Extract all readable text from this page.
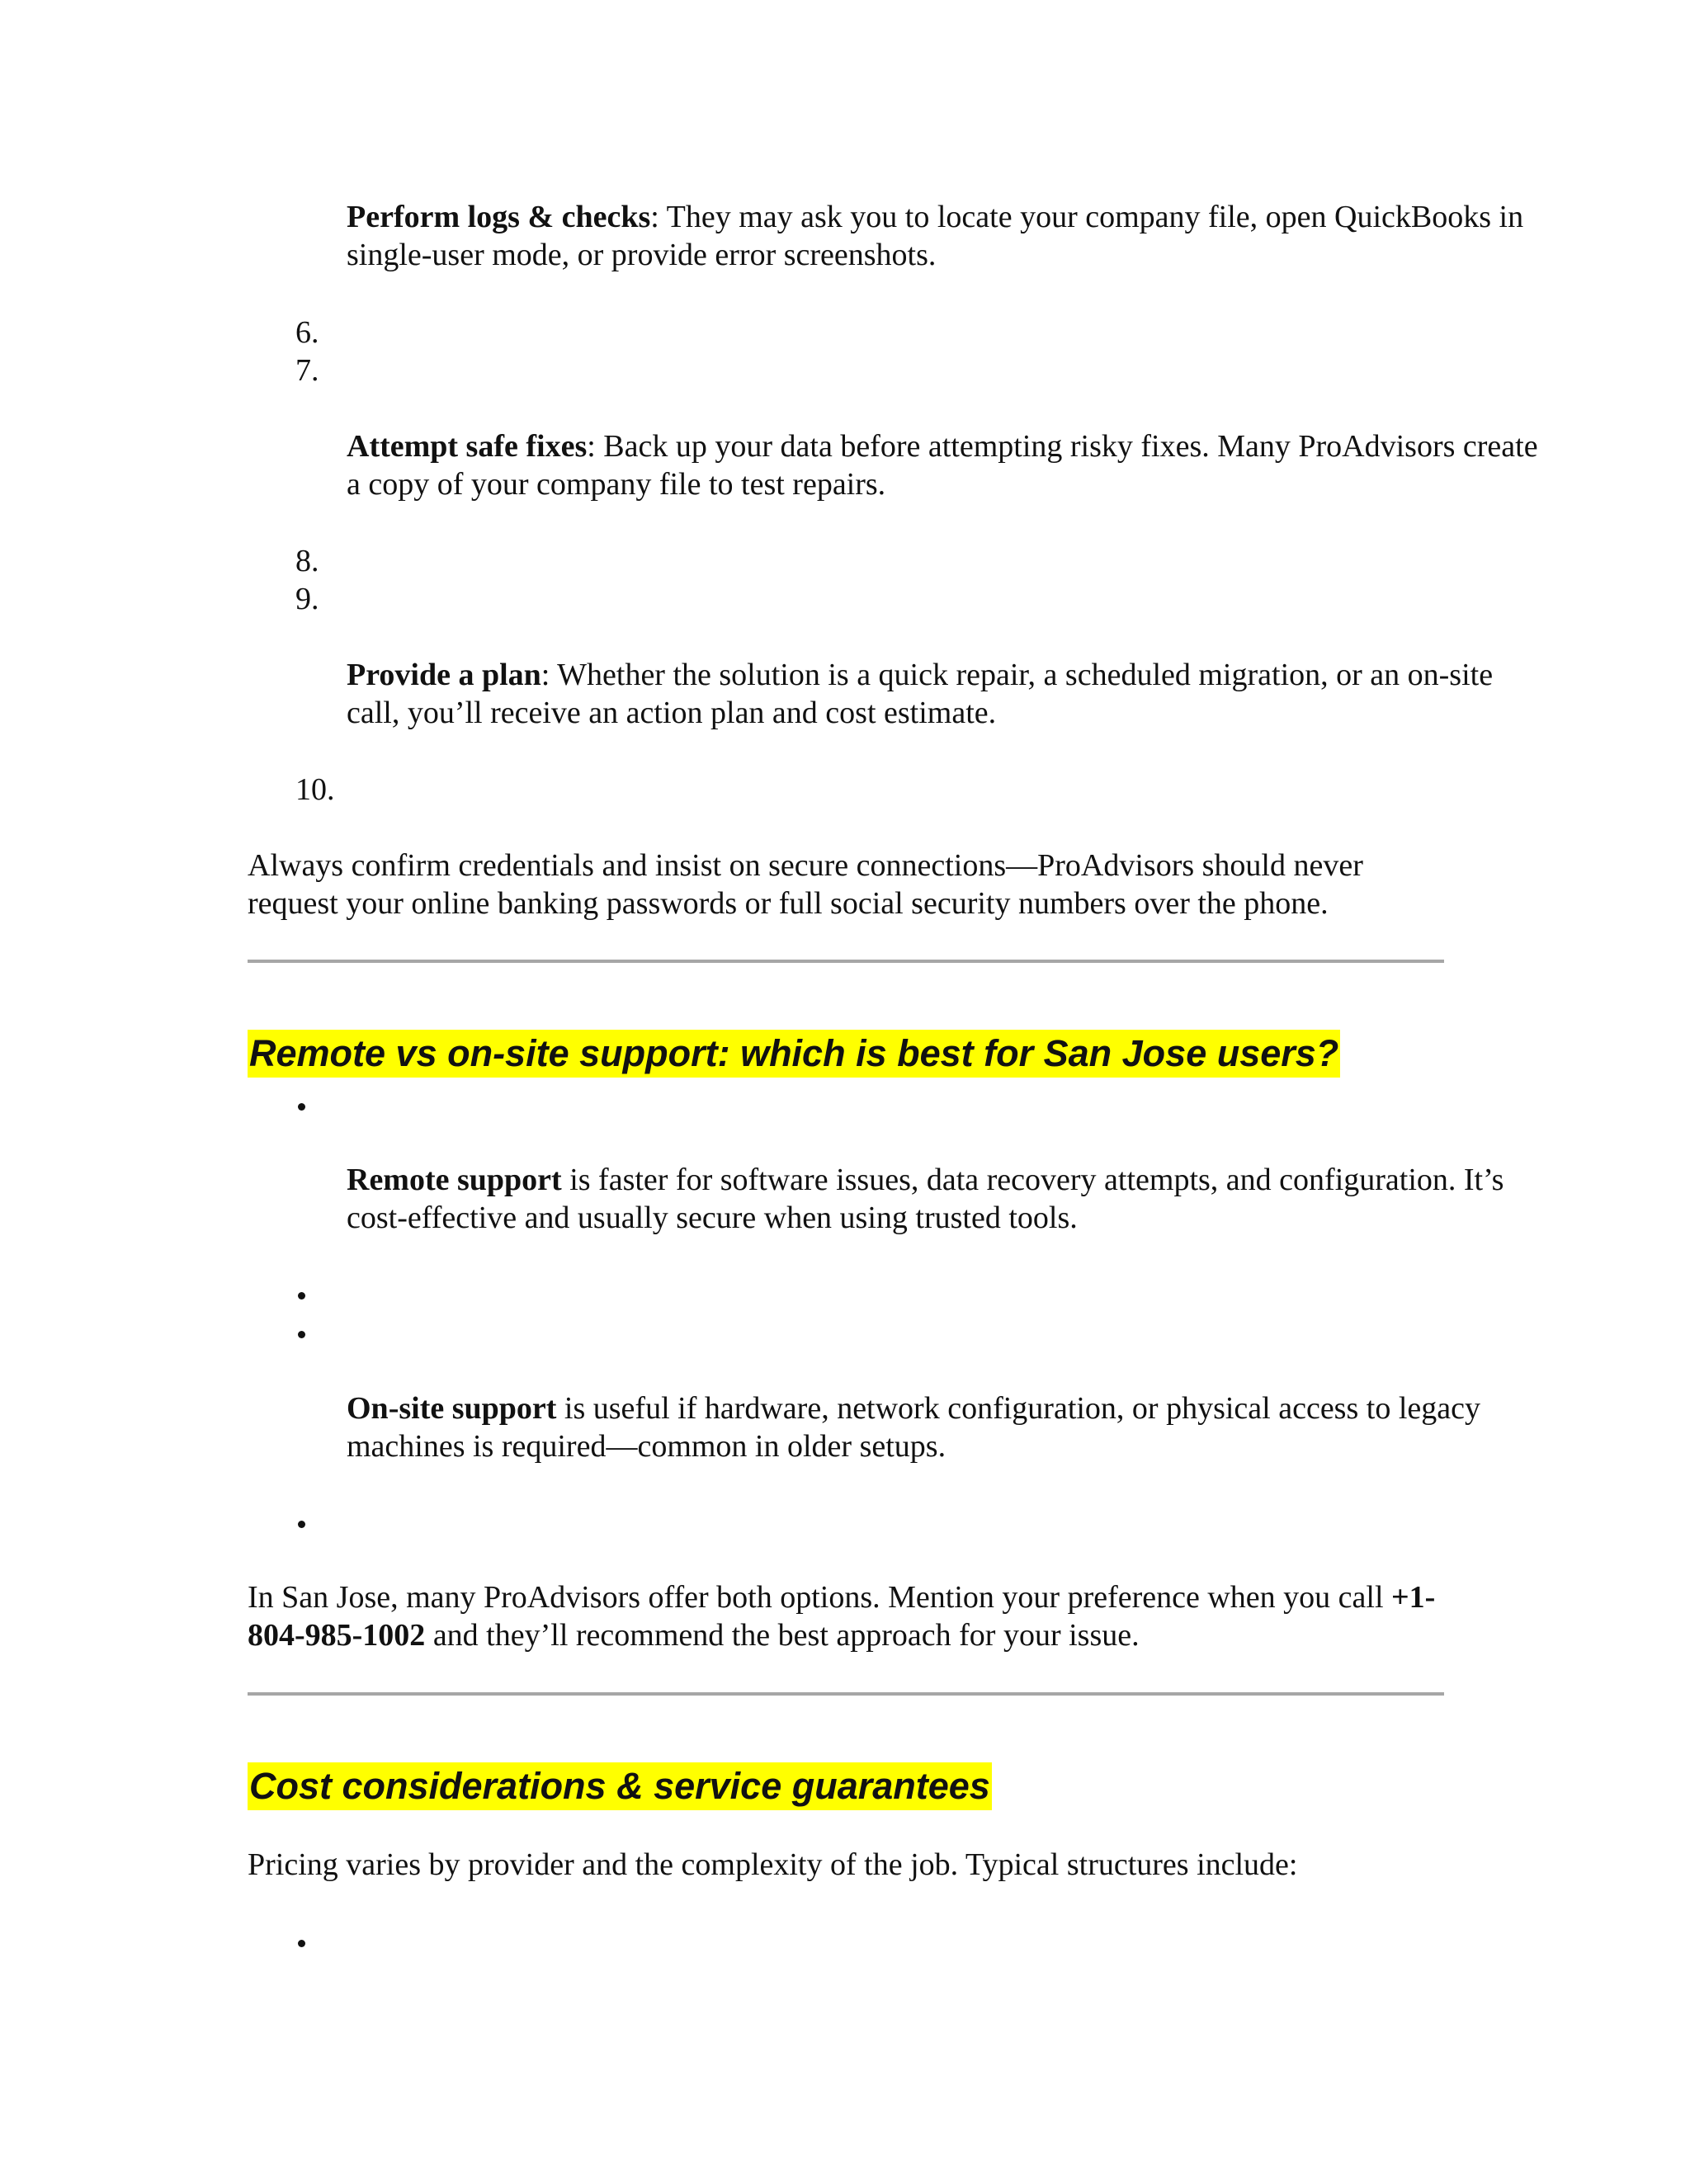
Perform logs & checks: They may ask you to locate your company file, open QuickBooks in single-user mode, or provide error screenshots.
6.
7.
Attempt safe fixes: Back up your data before attempting risky fixes. Many ProAdvisors create a copy of your company file to test repairs.
8.
9.
Provide a plan: Whether the solution is a quick repair, a scheduled migration, or an on-site call, you’ll receive an action plan and cost estimate.
10.
Always confirm credentials and insist on secure connections—ProAdvisors should never request your online banking passwords or full social security numbers over the phone.
Remote vs on-site support: which is best for San Jose users?
Remote support is faster for software issues, data recovery attempts, and configuration. It’s cost-effective and usually secure when using trusted tools.
On-site support is useful if hardware, network configuration, or physical access to legacy machines is required—common in older setups.
In San Jose, many ProAdvisors offer both options. Mention your preference when you call +1-804-985-1002 and they’ll recommend the best approach for your issue.
Cost considerations & service guarantees
Pricing varies by provider and the complexity of the job. Typical structures include:
